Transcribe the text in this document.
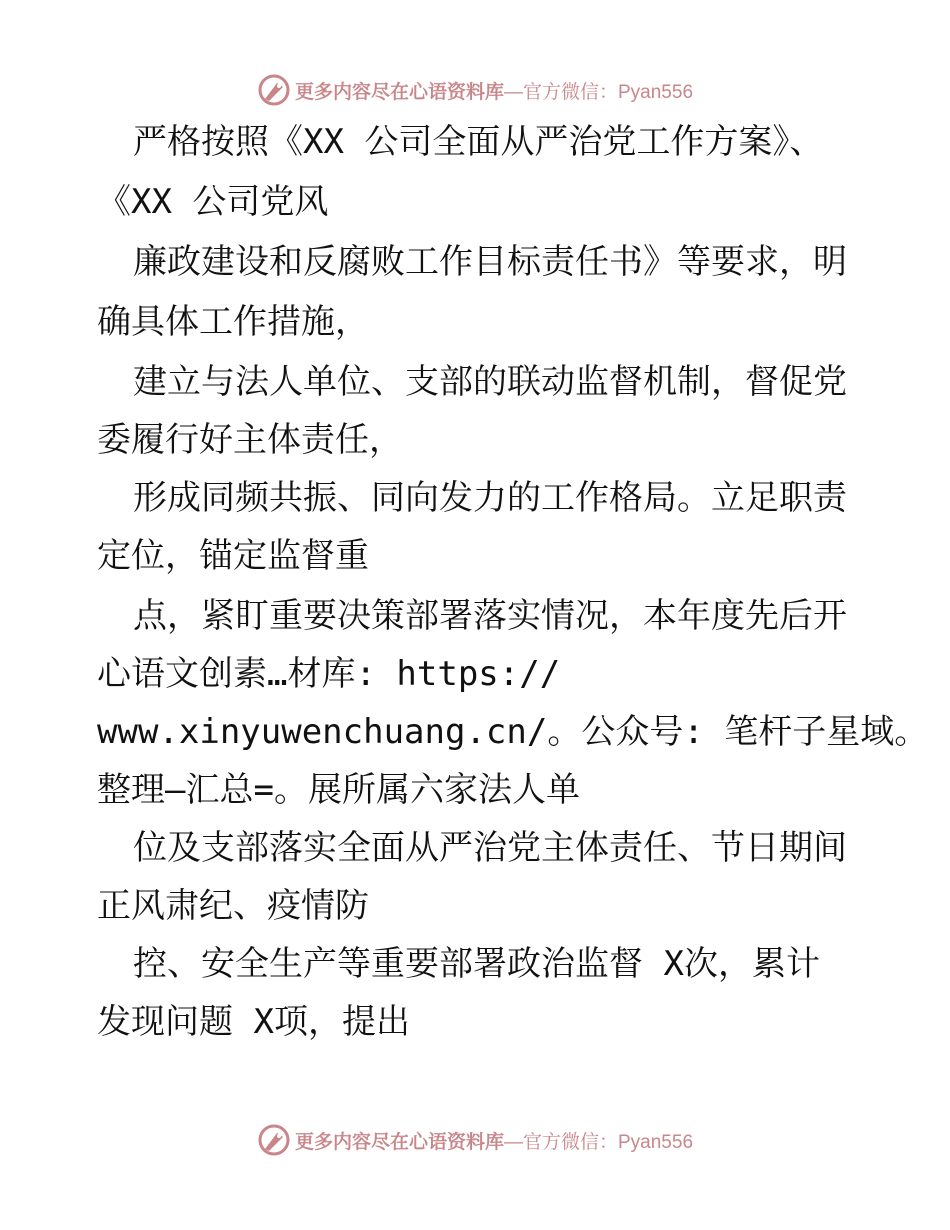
更多内容尽在心语资料库 —官方微信：Pyan556
严格按照《XX 公司全面从严治党工作方案》、
《XX 公司党风
廉政建设和反腐败工作目标责任书》等要求，明
确具体工作措施，
建立与法人单位、支部的联动监督机制，督促党
委履行好主体责任，
形成同频共振、同向发力的工作格局。立足职责
定位，锚定监督重
点，紧盯重要决策部署落实情况，本年度先后开
心语文创素…材库: https://
www.xinyuwenchuang.cn/。公众号: 笔杆子星域。
整理—汇总=。展所属六家法人单
位及支部落实全面从严治党主体责任、节日期间
正风肃纪、疫情防
控、安全生产等重要部署政治监督 X次，累计
发现问题 X项，提出
更多内容尽在心语资料库 —官方微信：Pyan556
